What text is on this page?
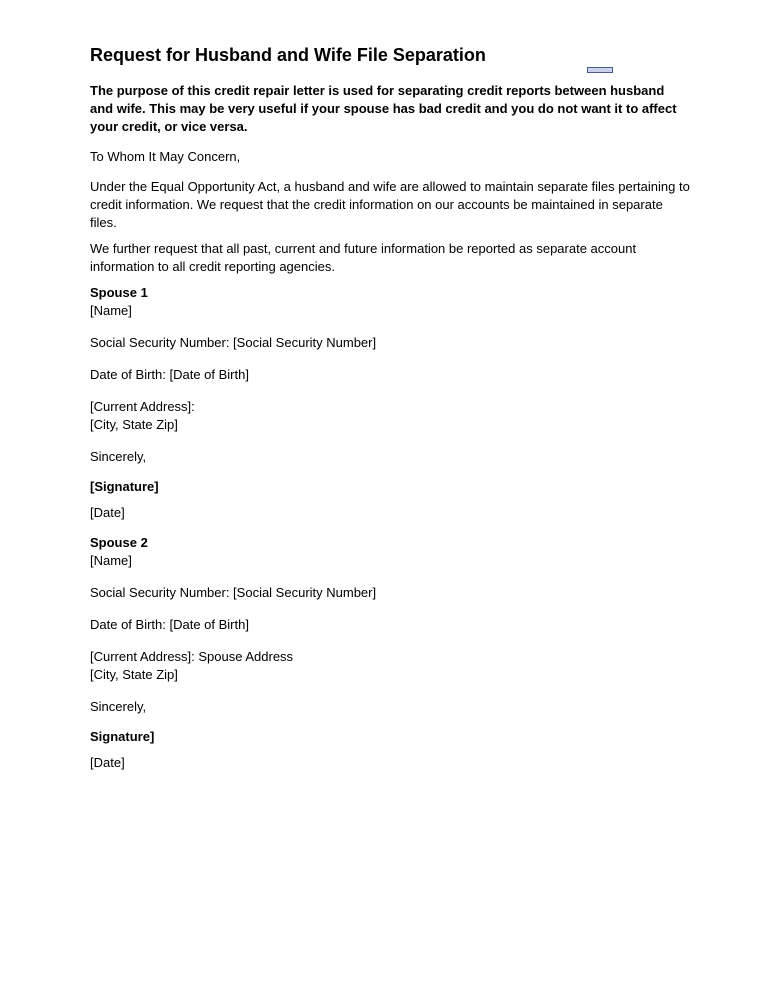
Request for Husband and Wife File Separation

The purpose of this credit repair letter is used for separating credit reports between husband and wife. This may be very useful if your spouse has bad credit and you do not want it to affect your credit, or vice versa.

To Whom It May Concern,

Under the Equal Opportunity Act, a husband and wife are allowed to maintain separate files pertaining to credit information. We request that the credit information on our accounts be maintained in separate files.

We further request that all past, current and future information be reported as separate account information to all credit reporting agencies.

Spouse 1

[Name]

Social Security Number: [Social Security Number]

Date of Birth: [Date of Birth]

[Current Address]:

[City, State Zip]

Sincerely,

[Signature]

[Date]

Spouse 2

[Name]

Social Security Number: [Social Security Number]

Date of Birth: [Date of Birth]

[Current Address]: Spouse Address

[City, State Zip]

Sincerely,

Signature]

[Date]
